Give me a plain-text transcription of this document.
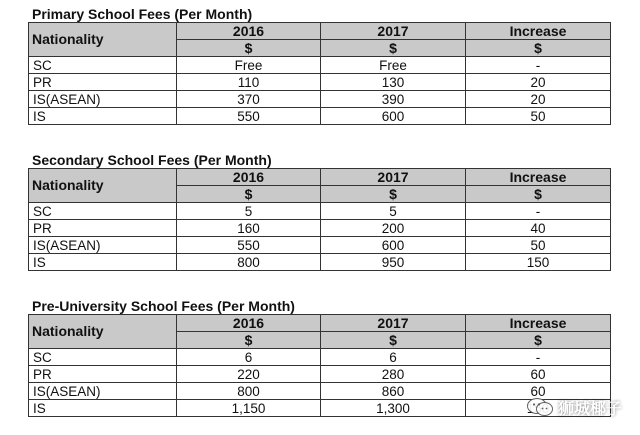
Primary School Fees (Per Month)
Nationality	2016	2017	Increase
	$	$	$
SC	Free	Free	-
PR	110	130	20
IS(ASEAN)	370	390	20
IS	550	600	50
Secondary School Fees (Per Month)
Nationality	2016	2017	Increase
	$	$	$
SC	5	5	-
PR	160	200	40
IS(ASEAN)	550	600	50
IS	800	950	150
Pre-University School Fees (Per Month)
Nationality	2016	2017	Increase
	$	$	$
SC	6	6	-
PR	220	280	60
IS(ASEAN)	800	860	60
IS	1,150	1,300		狮城椰子
